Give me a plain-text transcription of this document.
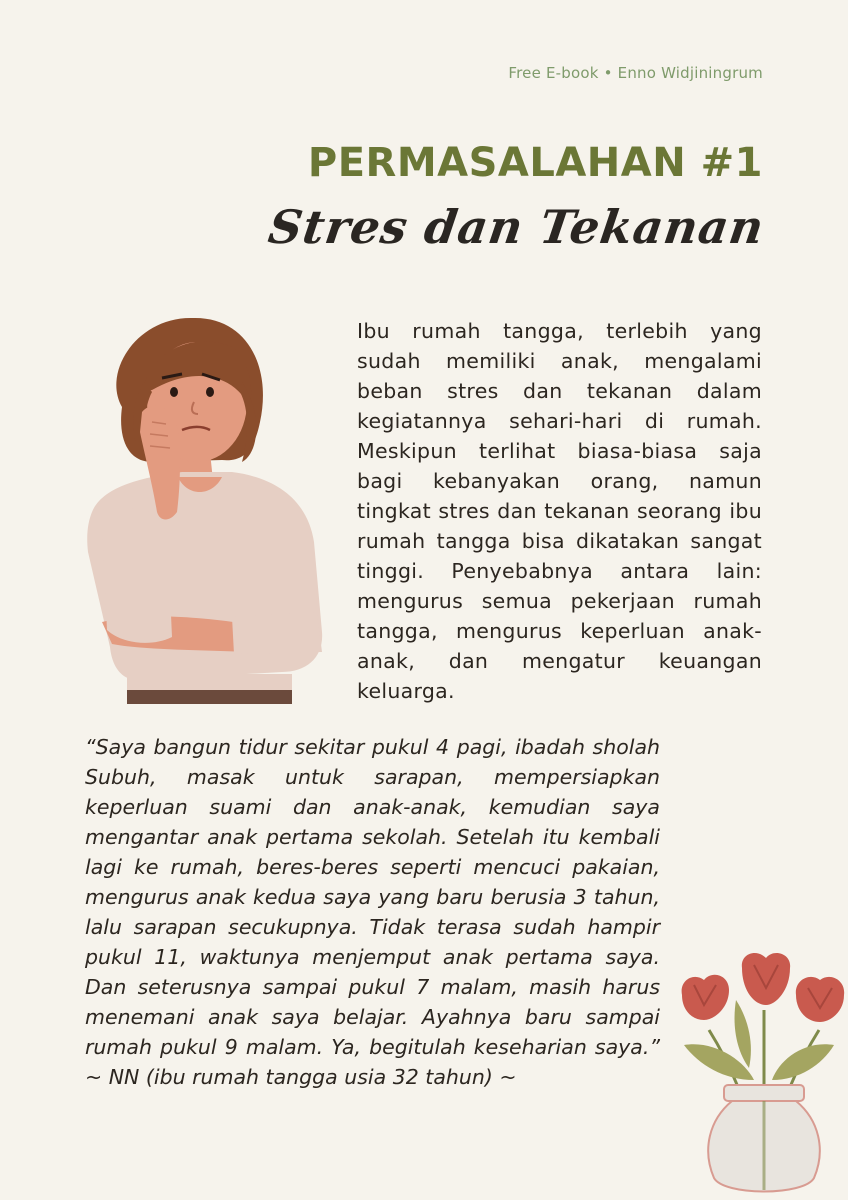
Free E-book • Enno Widjiningrum
PERMASALAHAN #1
Stres dan Tekanan

Ibu rumah tangga, terlebih yang sudah memiliki anak, mengalami beban stres dan tekanan dalam kegiatannya sehari-hari di rumah. Meskipun terlihat biasa-biasa saja bagi kebanyakan orang, namun tingkat stres dan tekanan seorang ibu rumah tangga bisa dikatakan sangat tinggi. Penyebabnya antara lain: mengurus semua pekerjaan rumah tangga, mengurus keperluan anak-anak, dan mengatur keuangan keluarga.

“Saya bangun tidur sekitar pukul 4 pagi, ibadah sholah Subuh, masak untuk sarapan, mempersiapkan keperluan suami dan anak-anak, kemudian saya mengantar anak pertama sekolah. Setelah itu kembali lagi ke rumah, beres-beres seperti mencuci pakaian, mengurus anak kedua saya yang baru berusia 3 tahun, lalu sarapan secukupnya. Tidak terasa sudah hampir pukul 11, waktunya menjemput anak pertama saya. Dan seterusnya sampai pukul 7 malam, masih harus menemani anak saya belajar. Ayahnya baru sampai rumah pukul 9 malam. Ya, begitulah keseharian saya.” ~ NN (ibu rumah tangga usia 32 tahun) ~
